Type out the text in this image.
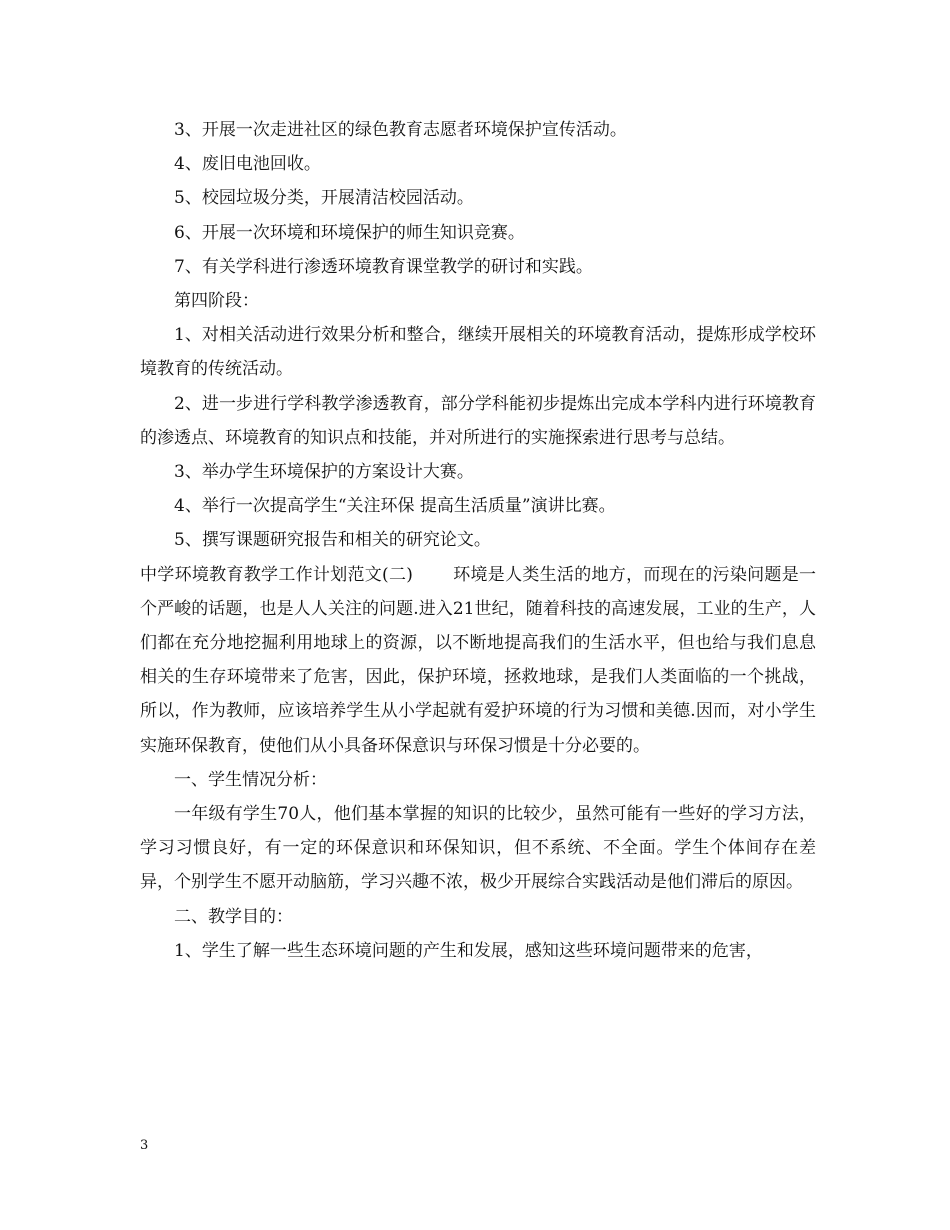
3、开展一次走进社区的绿色教育志愿者环境保护宣传活动。

4、废旧电池回收。

5、校园垃圾分类，开展清洁校园活动。

6、开展一次环境和环境保护的师生知识竞赛。

7、有关学科进行渗透环境教育课堂教学的研讨和实践。

第四阶段：

1、对相关活动进行效果分析和整合，继续开展相关的环境教育活动，提炼形成学校环境教育的传统活动。

2、进一步进行学科教学渗透教育，部分学科能初步提炼出完成本学科内进行环境教育的渗透点、环境教育的知识点和技能，并对所进行的实施探索进行思考与总结。

3、举办学生环境保护的方案设计大赛。

4、举行一次提高学生“关注环保 提高生活质量”演讲比赛。

5、撰写课题研究报告和相关的研究论文。

中学环境教育教学工作计划范文(二) 环境是人类生活的地方，而现在的污染问题是一个严峻的话题，也是人人关注的问题.进入21世纪，随着科技的高速发展，工业的生产，人们都在充分地挖掘利用地球上的资源，以不断地提高我们的生活水平，但也给与我们息息相关的生存环境带来了危害，因此，保护环境，拯救地球，是我们人类面临的一个挑战，所以，作为教师，应该培养学生从小学起就有爱护环境的行为习惯和美德.因而，对小学生实施环保教育，使他们从小具备环保意识与环保习惯是十分必要的。

一、学生情况分析：

一年级有学生70人，他们基本掌握的知识的比较少，虽然可能有一些好的学习方法，学习习惯良好，有一定的环保意识和环保知识，但不系统、不全面。学生个体间存在差异，个别学生不愿开动脑筋，学习兴趣不浓，极少开展综合实践活动是他们滞后的原因。

二、教学目的：

1、学生了解一些生态环境问题的产生和发展，感知这些环境问题带来的危害，

3
